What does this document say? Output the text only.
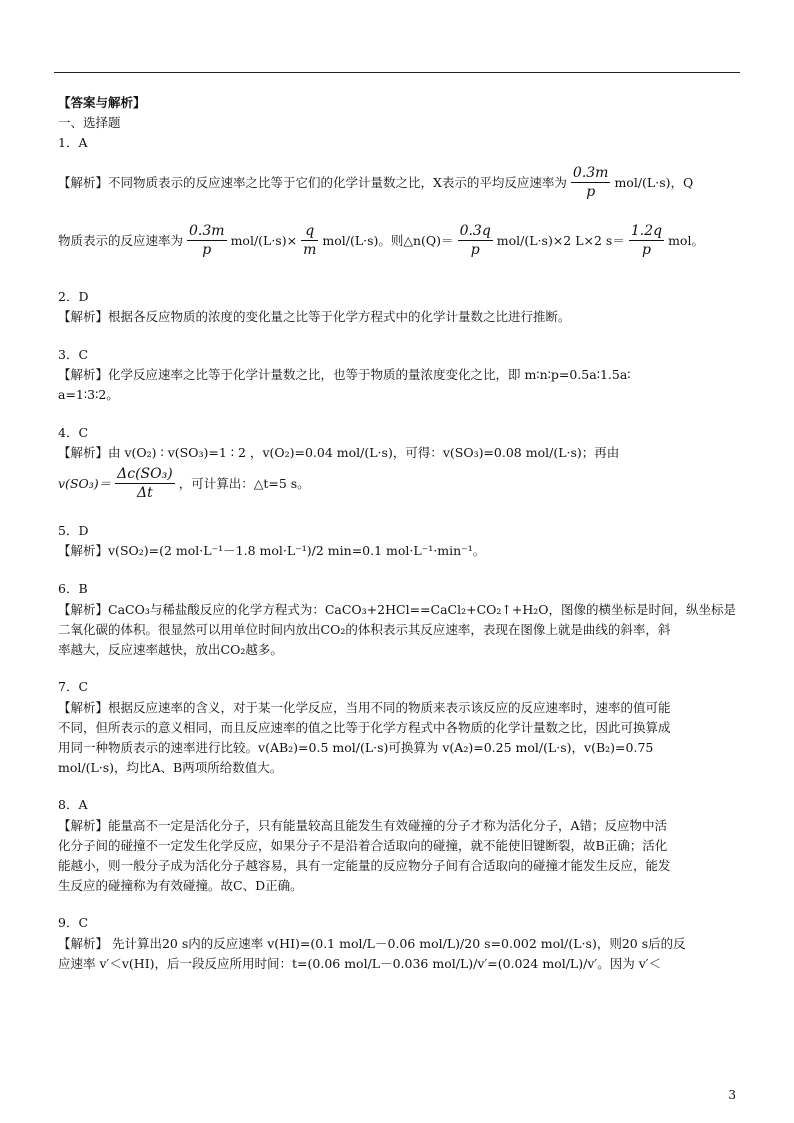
【答案与解析】
一、选择题
1．A
【解析】不同物质表示的反应速率之比等于它们的化学计量数之比，X表示的平均反应速率为 $\frac{0.3m}{p} mol/(L\cdot s)$，Q
物质表示的反应速率为 $\frac{0.3m}{p} mol/(L\cdot s)\times \frac{q}{m} mol/(L\cdot s)$。则△n(Q)＝ $\frac{0.3q}{p} mol/(L\cdot s)\times 2$ L×2 $s= \frac{1.2q}{p}$ mol。
2．D
【解析】根据各反应物质的浓度的变化量之比等于化学方程式中的化学计量数之比进行推断。
3．C
【解析】化学反应速率之比等于化学计量数之比，也等于物质的量浓度变化之比，即 m∶n∶p=0.5a∶1.5a∶
a=1∶3∶2。
4．C
【解析】由 v(O₂) ∶ v(SO₃)=1 ∶ 2 ，v(O₂)=0.04 mol/(L·s)，可得：v(SO₃)=0.08 mol/(L·s)；再由
$v(SO_3)= \frac{\text{Δc(SO₃)}}{\Delta t}$ ，可计算出：△t=5 s。
5．D
【解析】v(SO₂)=(2 mol·L⁻¹－1.8 mol·L⁻¹)/2 min=0.1 mol·L⁻¹·min⁻¹。
6．B
【解析】CaCO₃与稀盐酸反应的化学方程式为：CaCO₃+2HCl==CaCl₂+CO₂↑+H₂O，图像的横坐标是时间，纵坐标是
二氧化碳的体积。很显然可以用单位时间内放出CO₂的体积表示其反应速率，表现在图像上就是曲线的斜率，斜
率越大，反应速率越快，放出CO₂越多。
7．C
【解析】根据反应速率的含义，对于某一化学反应，当用不同的物质来表示该反应的反应速率时，速率的值可能
不同，但所表示的意义相同，而且反应速率的值之比等于化学方程式中各物质的化学计量数之比，因此可换算成
用同一种物质表示的速率进行比较。v(AB₂)=0.5 mol/(L·s)可换算为 v(A₂)=0.25 mol/(L·s)，v(B₂)=0.75
mol/(L·s)，均比A、B两项所给数值大。
8．A
【解析】能量高不一定是活化分子，只有能量较高且能发生有效碰撞的分子才称为活化分子，A错；反应物中活
化分子间的碰撞不一定发生化学反应，如果分子不是沿着合适取向的碰撞，就不能使旧键断裂，故B正确；活化
能越小，则一般分子成为活化分子越容易，具有一定能量的反应物分子间有合适取向的碰撞才能发生反应，能发
生反应的碰撞称为有效碰撞。故C、D正确。
9．C
【解析】 先计算出20 s内的反应速率 v(HI)=(0.1 mol/L－0.06 mol/L)/20 s=0.002 mol/(L·s)，则20 s后的反
应速率 v′＜v(HI)，后一段反应所用时间：t=(0.06 mol/L－0.036 mol/L)/v′=(0.024 mol/L)/v′。因为 v′＜
3
